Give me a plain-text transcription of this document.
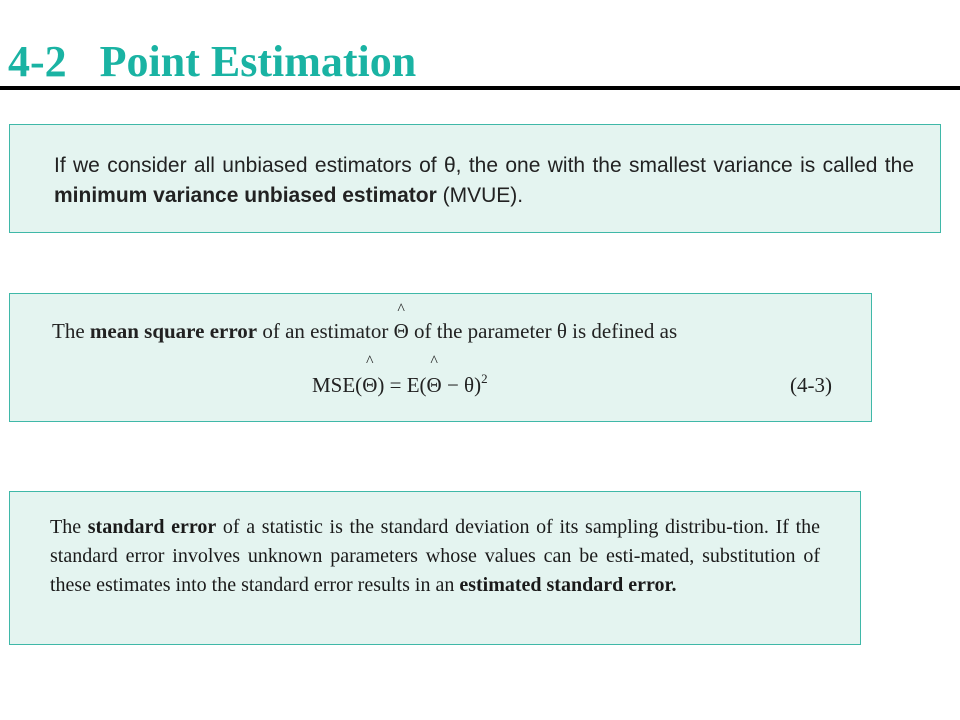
4-2   Point Estimation

If we consider all unbiased estimators of θ, the one with the smallest variance is called the minimum variance unbiased estimator (MVUE).

The mean square error of an estimator ^ Θ of the parameter θ is defined as

MSE(^ Θ) = E(^ Θ − θ)$^2$	(4-3)

The standard error of a statistic is the standard deviation of its sampling distribu-tion. If the standard error involves unknown parameters whose values can be esti-mated, substitution of these estimates into the standard error results in an estimated standard error.
